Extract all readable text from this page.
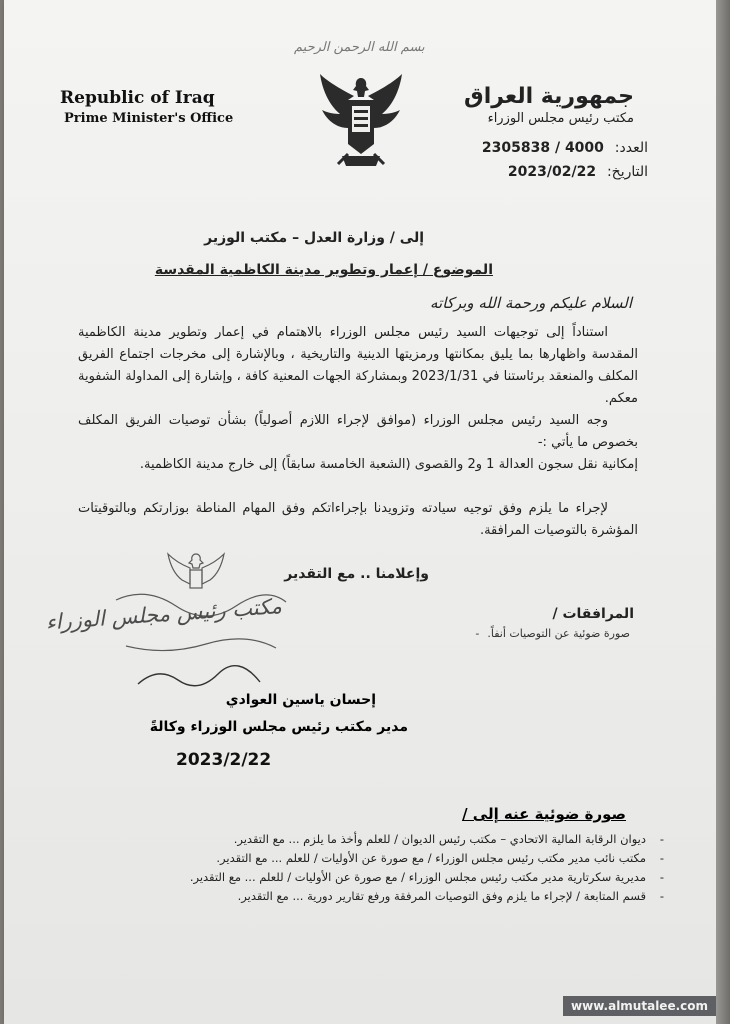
بسم الله الرحمن الرحيم
Republic of Iraq
Prime Minister's Office
جمهورية العراق
مكتب رئيس مجلس الوزراء
العدد: 2305838 / 4000
التاريخ: 2023/02/22
إلى / وزارة العدل – مكتب الوزير
الموضوع / إعمار وتطوير مدينة الكاظمية المقدسة
السلام عليكم ورحمة الله وبركاته
استناداً إلى توجيهات السيد رئيس مجلس الوزراء بالاهتمام في إعمار وتطوير مدينة الكاظمية المقدسة واظهارها بما يليق بمكانتها ورمزيتها الدينية والتاريخية ، وبالإشارة إلى مخرجات اجتماع الفريق المكلف والمنعقد برئاستنا في 2023/1/31 وبمشاركة الجهات المعنية كافة ، وإشارة إلى المداولة الشفوية معكم.
وجه السيد رئيس مجلس الوزراء (موافق لإجراء اللازم أصولياً) بشأن توصيات الفريق المكلف بخصوص ما يأتي :-
إمكانية نقل سجون العدالة 1 و2 والقصوى (الشعبة الخامسة سابقاً) إلى خارج مدينة الكاظمية.
لإجراء ما يلزم وفق توجيه سيادته وتزويدنا بإجراءاتكم وفق المهام المناطة بوزارتكم وبالتوقيتات المؤشرة بالتوصيات المرافقة.
وإعلامنا .. مع التقدير
مكتب رئيس مجلس الوزراء	المرافقات /
صورة ضوئية عن التوصيات أنفاً.-
إحسان ياسين العوادي
مدير مكتب رئيس مجلس الوزراء وكالةً
2023/2/22
صورة ضوئية عنه إلى /
- ديوان الرقابة المالية الاتحادي – مكتب رئيس الديوان / للعلم وأخذ ما يلزم ... مع التقدير.
- مكتب نائب مدير مكتب رئيس مجلس الوزراء / مع صورة عن الأوليات / للعلم ... مع التقدير.
- مديرية سكرتارية مدير مكتب رئيس مجلس الوزراء / مع صورة عن الأوليات / للعلم ... مع التقدير.
- قسم المتابعة / لإجراء ما يلزم وفق التوصيات المرفقة ورفع تقارير دورية ... مع التقدير.
www.almutalee.com
